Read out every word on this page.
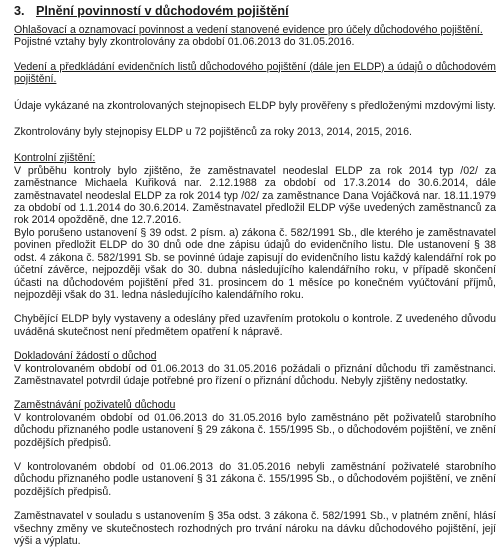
3. Plnění povinností v důchodovém pojištění

Ohlašovací a oznamovací povinnost a vedení stanovené evidence pro účely důchodového pojištění.

Pojistné vztahy byly zkontrolovány za období 01.06.2013 do 31.05.2016.

Vedení a předkládání evidenčních listů důchodového pojištění (dále jen ELDP) a údajů o důchodovém pojištění.

Údaje vykázané na zkontrolovaných stejnopisech ELDP byly prověřeny s předloženými mzdovými listy.

Zkontrolovány byly stejnopisy ELDP u 72 pojištěnců za roky 2013, 2014, 2015, 2016.

Kontrolní zjištění:

V průběhu kontroly bylo zjištěno, že zaměstnavatel neodeslal ELDP za rok 2014 typ /02/ za zaměstnance Michaela Kuřiková nar. 2.12.1988 za období od 17.3.2014 do 30.6.2014, dále zaměstnavatel neodeslal ELDP za rok 2014 typ /02/ za zaměstnance Dana Vojáčková nar. 18.11.1979 za období od 1.1.2014 do 30.6.2014. Zaměstnavatel předložil ELDP výše uvedených zaměstnanců za rok 2014 opožděně, dne 12.7.2016.

Bylo porušeno ustanovení § 39 odst. 2 písm. a) zákona č. 582/1991 Sb., dle kterého je zaměstnavatel povinen předložit ELDP do 30 dnů ode dne zápisu údajů do evidenčního listu. Dle ustanovení § 38 odst. 4 zákona č. 582/1991 Sb. se povinné údaje zapisují do evidenčního listu každý kalendářní rok po účetní závěrce, nejpozději však do 30. dubna následujícího kalendářního roku, v případě skončení účasti na důchodovém pojištění před 31. prosincem do 1 měsíce po konečném vyúčtování příjmů, nejpozději však do 31. ledna následujícího kalendářního roku.

Chybějící ELDP byly vystaveny a odeslány před uzavřením protokolu o kontrole. Z uvedeného důvodu uváděná skutečnost není předmětem opatření k nápravě.

Dokladování žádostí o důchod

V kontrolovaném období od 01.06.2013 do 31.05.2016 požádali o přiznání důchodu tři zaměstnanci. Zaměstnavatel potvrdil údaje potřebné pro řízení o přiznání důchodu. Nebyly zjištěny nedostatky.

Zaměstnávání poživatelů důchodu

V kontrolovaném období od 01.06.2013 do 31.05.2016 bylo zaměstnáno pět poživatelů starobního důchodu přiznaného podle ustanovení § 29 zákona č. 155/1995 Sb., o důchodovém pojištění, ve znění pozdějších předpisů.

V kontrolovaném období od 01.06.2013 do 31.05.2016 nebyli zaměstnání poživatelé starobního důchodu přiznaného podle ustanovení § 31 zákona č. 155/1995 Sb., o důchodovém pojištění, ve znění pozdějších předpisů.

Zaměstnavatel v souladu s ustanovením § 35a odst. 3 zákona č. 582/1991 Sb., v platném znění, hlásí všechny změny ve skutečnostech rozhodných pro trvání nároku na dávku důchodového pojištění, její výši a výplatu.
